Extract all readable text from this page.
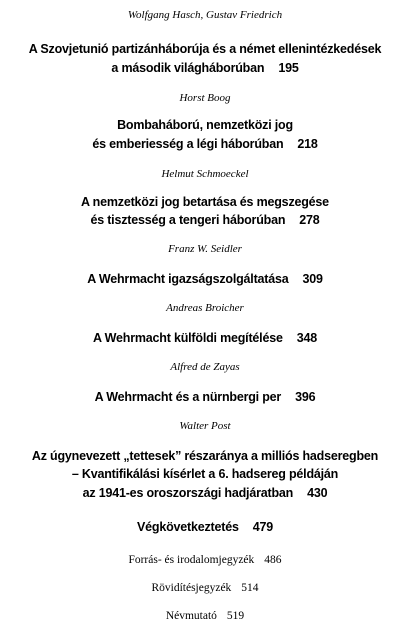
Wolfgang Hasch, Gustav Friedrich
A Szovjetunió partizánháborúja és a német ellenintézkedések
a második világháborúban 195
Horst Boog
Bombaháború, nemzetközi jog
és emberiesség a légi háborúban 218
Helmut Schmoeckel
A nemzetközi jog betartása és megszegése
és tisztesség a tengeri háborúban 278
Franz W. Seidler
A Wehrmacht igazságszolgáltatása 309
Andreas Broicher
A Wehrmacht külföldi megítélése 348
Alfred de Zayas
A Wehrmacht és a nürnbergi per 396
Walter Post
Az úgynevezett „tettesek” részaránya a milliós hadseregben
– Kvantifikálási kísérlet a 6. hadsereg példáján
az 1941-es oroszországi hadjáratban 430
Végkövetkeztetés 479
Forrás- és irodalomjegyzék 486
Rövidítésjegyzék 514
Névmutató 519
